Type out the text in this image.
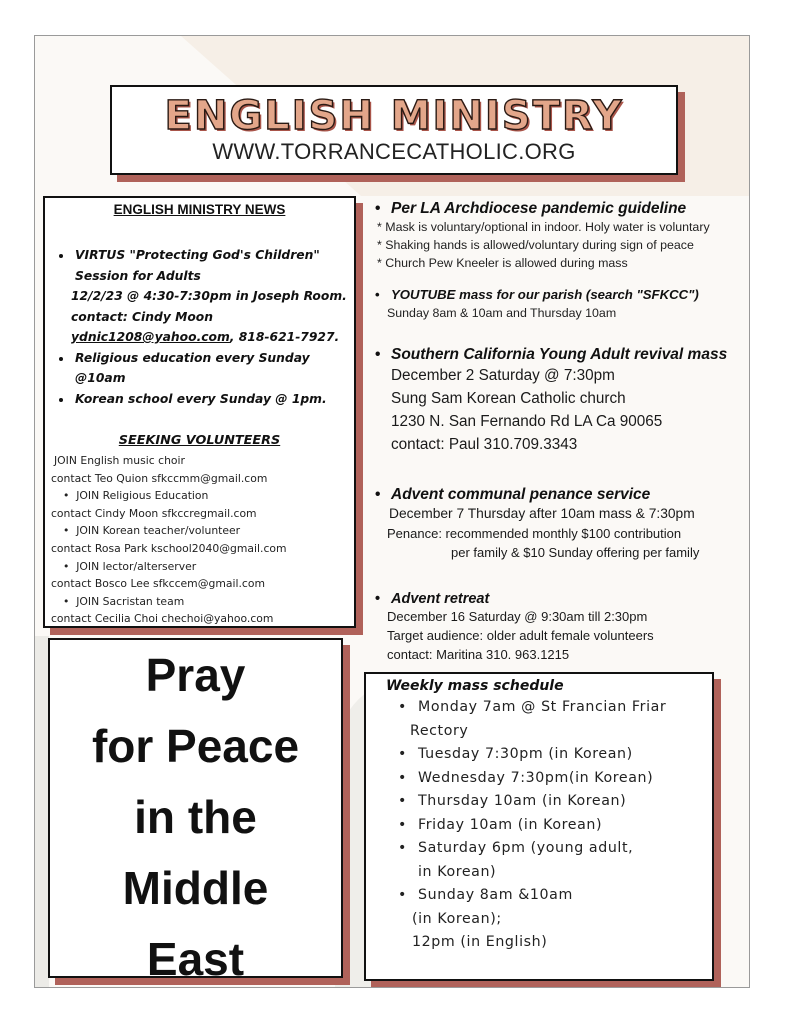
ENGLISH MINISTRY
WWW.TORRANCECATHOLIC.ORG
ENGLISH MINISTRY NEWS
• VIRTUS "Protecting God's Children"
Session for Adults
12/2/23 @ 4:30-7:30pm in Joseph Room.
contact: Cindy Moon
ydnic1208@yahoo.com, 818-621-7927.
• Religious education every Sunday @10am
• Korean school every Sunday @ 1pm.
SEEKING VOLUNTEERS
JOIN English music choir
contact Teo Quion sfkccmm@gmail.com
•  JOIN Religious Education
contact Cindy Moon sfkccregmail.com
•  JOIN Korean teacher/volunteer
contact Rosa Park kschool2040@gmail.com
•  JOIN lector/alterserver
contact Bosco Lee sfkccem@gmail.com
•  JOIN Sacristan team
contact Cecilia Choi chechoi@yahoo.com
Pray
for Peace
in the
Middle
East
• Per LA Archdiocese pandemic guideline
* Mask is voluntary/optional in indoor. Holy water is voluntary
* Shaking hands is allowed/voluntary during sign of peace
* Church Pew Kneeler is allowed during mass
• YOUTUBE mass for our parish (search "SFKCC")
Sunday 8am & 10am and Thursday 10am
• Southern California Young Adult revival mass
December 2 Saturday @ 7:30pm
Sung Sam Korean Catholic church
1230 N. San Fernando Rd LA Ca 90065
contact: Paul 310.709.3343
• Advent communal penance service
December 7 Thursday after 10am mass & 7:30pm
Penance: recommended monthly $100 contribution
per family & $10 Sunday offering per family
• Advent retreat
December 16 Saturday @ 9:30am till 2:30pm
Target audience: older adult female volunteers
contact: Maritina 310. 963.1215
Weekly mass schedule
• Monday 7am @ St Francian Friar
Rectory
• Tuesday 7:30pm (in Korean)
• Wednesday 7:30pm(in Korean)
• Thursday 10am (in Korean)
• Friday 10am (in Korean)
• Saturday 6pm (young adult,
in Korean)
• Sunday 8am &10am
(in Korean);
12pm (in English)
